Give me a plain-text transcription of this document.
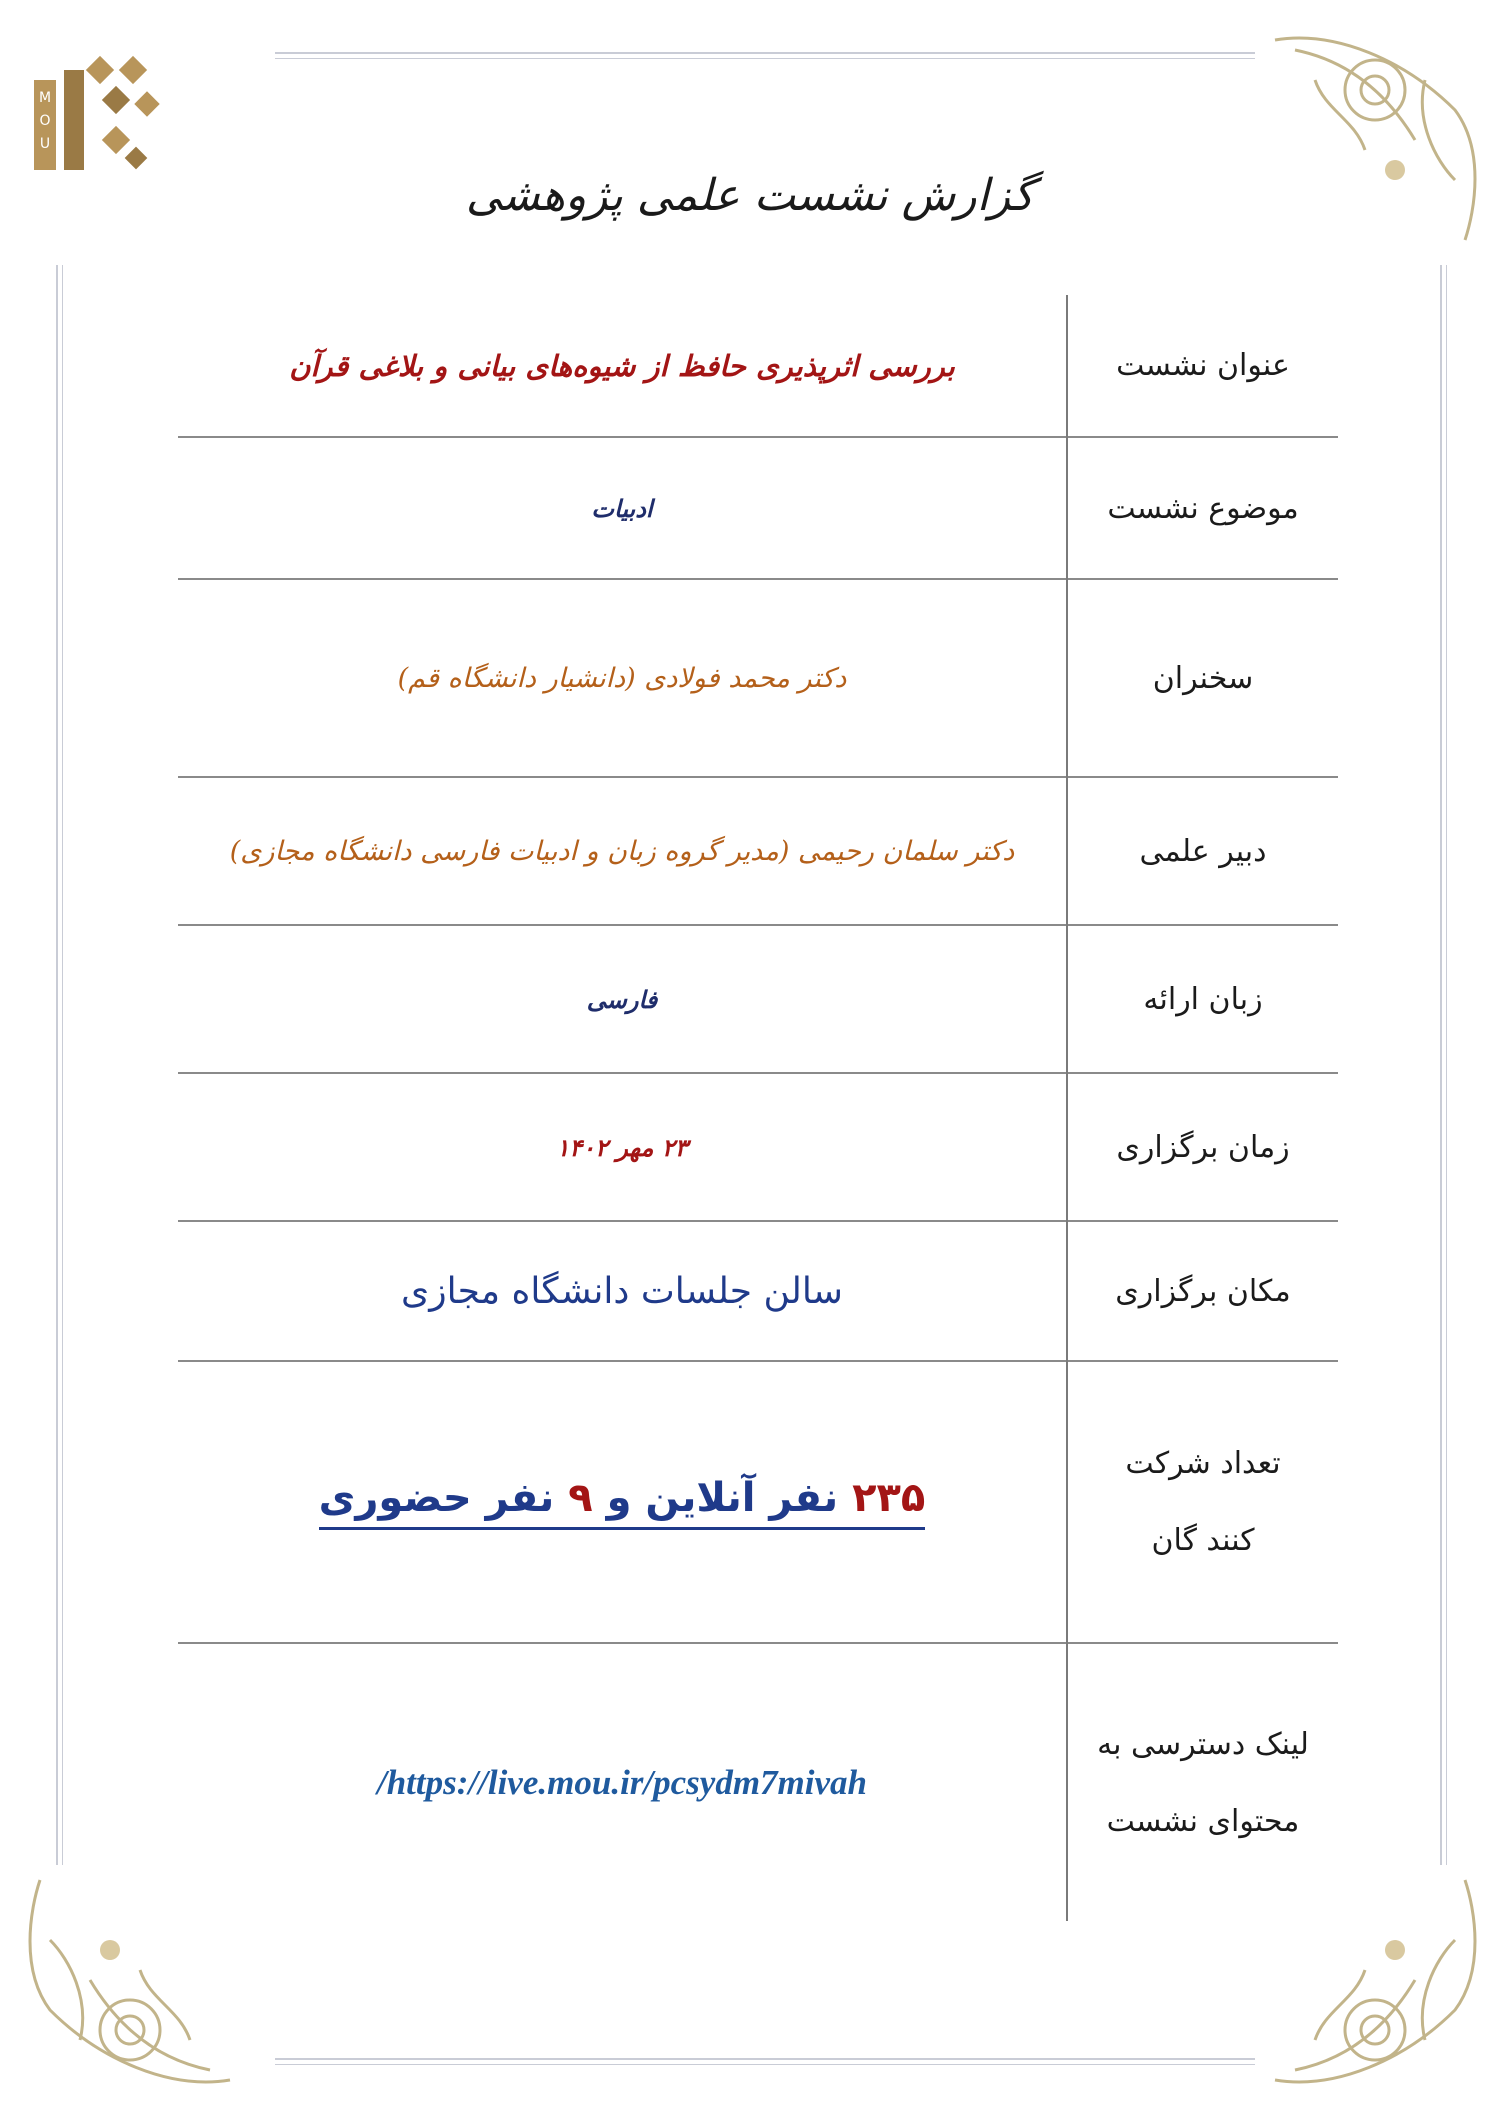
M
O
U
گزارش نشست علمی پژوهشی
عنوان نشست	بررسی اثرپذیری حافظ از شیوه‌های بیانی و بلاغی قرآن
موضوع نشست	ادبیات
سخنران	دکتر محمد فولادی (دانشیار دانشگاه قم)
دبیر علمی	دکتر سلمان رحیمی (مدیر گروه زبان و ادبیات فارسی دانشگاه مجازی)
زبان ارائه	فارسی
زمان برگزاری	۲۳ مهر ۱۴۰۲
مکان برگزاری	سالن جلسات دانشگاه مجازی

تعداد شرکت
کنند گان	۲۳۵ نفر آنلاین و ۹ نفر حضوری

لینک دسترسی به
محتوای نشست	https://live.mou.ir/pcsydm7mivah/
